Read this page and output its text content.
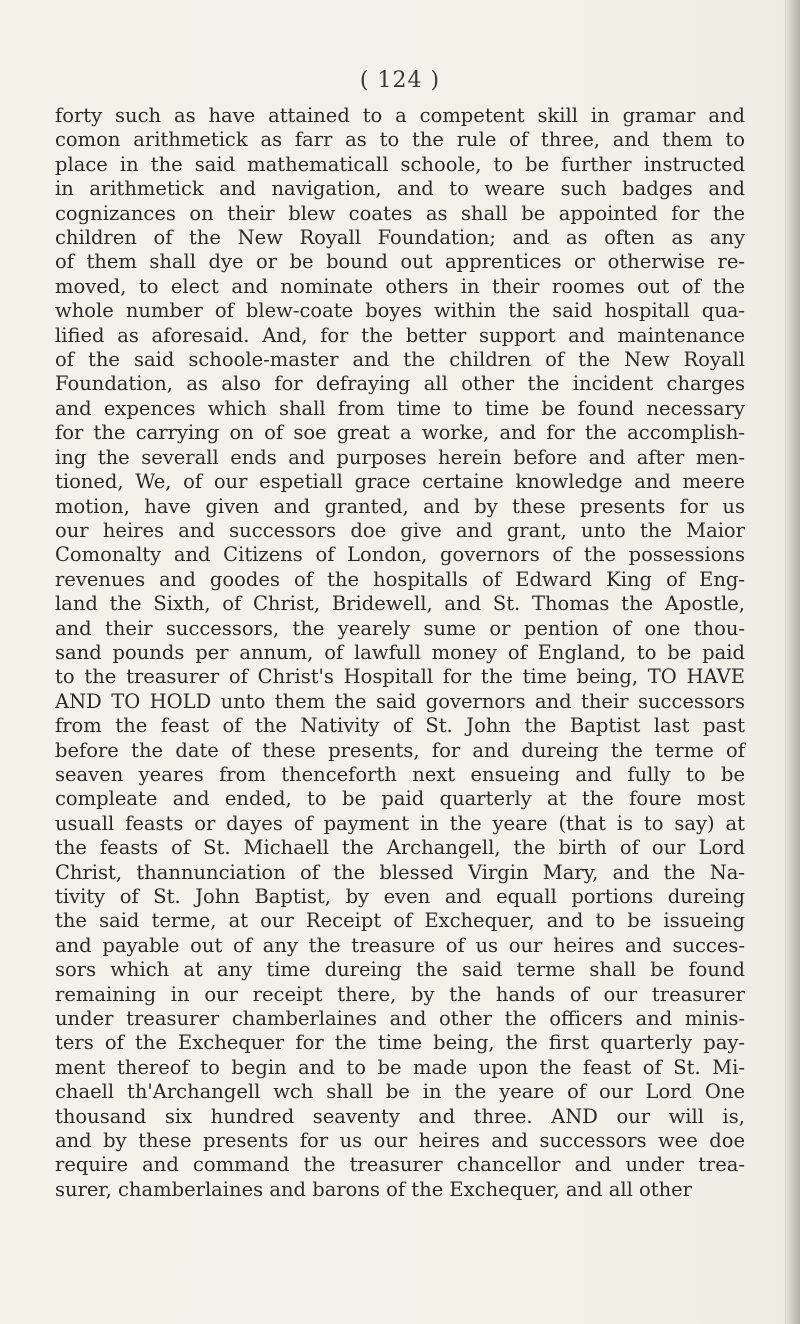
( 124 )
forty such as have attained to a competent skill in gramar and
comon arithmetick as farr as to the rule of three, and them to
place in the said mathematicall schoole, to be further instructed
in arithmetick and navigation, and to weare such badges and
cognizances on their blew coates as shall be appointed for the
children of the New Royall Foundation; and as often as any
of them shall dye or be bound out apprentices or otherwise re-
moved, to elect and nominate others in their roomes out of the
whole number of blew-coate boyes within the said hospitall qua-
lified as aforesaid. And, for the better support and maintenance
of the said schoole-master and the children of the New Royall
Foundation, as also for defraying all other the incident charges
and expences which shall from time to time be found necessary
for the carrying on of soe great a worke, and for the accomplish-
ing the severall ends and purposes herein before and after men-
tioned, We, of our espetiall grace certaine knowledge and meere
motion, have given and granted, and by these presents for us
our heires and successors doe give and grant, unto the Maior
Comonalty and Citizens of London, governors of the possessions
revenues and goodes of the hospitalls of Edward King of Eng-
land the Sixth, of Christ, Bridewell, and St. Thomas the Apostle,
and their successors, the yearely sume or pention of one thou-
sand pounds per annum, of lawfull money of England, to be paid
to the treasurer of Christ's Hospitall for the time being, TO HAVE
AND TO HOLD unto them the said governors and their successors
from the feast of the Nativity of St. John the Baptist last past
before the date of these presents, for and dureing the terme of
seaven yeares from thenceforth next ensueing and fully to be
compleate and ended, to be paid quarterly at the foure most
usuall feasts or dayes of payment in the yeare (that is to say) at
the feasts of St. Michaell the Archangell, the birth of our Lord
Christ, thannunciation of the blessed Virgin Mary, and the Na-
tivity of St. John Baptist, by even and equall portions dureing
the said terme, at our Receipt of Exchequer, and to be issueing
and payable out of any the treasure of us our heires and succes-
sors which at any time dureing the said terme shall be found
remaining in our receipt there, by the hands of our treasurer
under treasurer chamberlaines and other the officers and minis-
ters of the Exchequer for the time being, the first quarterly pay-
ment thereof to begin and to be made upon the feast of St. Mi-
chaell th'Archangell wch shall be in the yeare of our Lord One
thousand six hundred seaventy and three. AND our will is,
and by these presents for us our heires and successors wee doe
require and command the treasurer chancellor and under trea-
surer, chamberlaines and barons of the Exchequer, and all other
